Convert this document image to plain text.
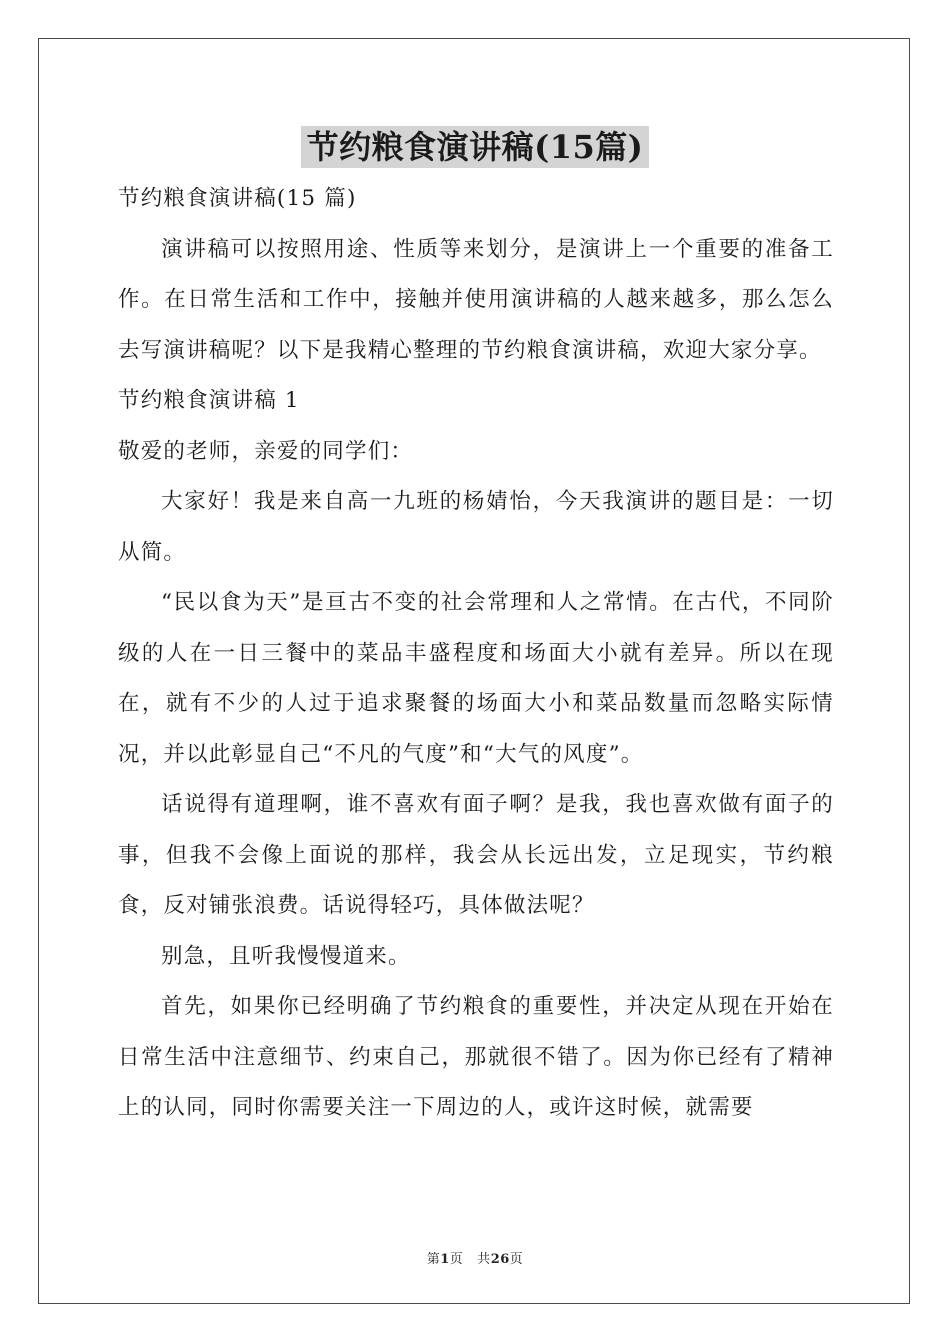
节约粮食演讲稿(15篇)

节约粮食演讲稿(15 篇)

演讲稿可以按照用途、性质等来划分，是演讲上一个重要的准备工作。在日常生活和工作中，接触并使用演讲稿的人越来越多，那么怎么去写演讲稿呢？以下是我精心整理的节约粮食演讲稿，欢迎大家分享。

节约粮食演讲稿 1

敬爱的老师，亲爱的同学们：

大家好！我是来自高一九班的杨婧怡，今天我演讲的题目是：一切从简。

“民以食为天”是亘古不变的社会常理和人之常情。在古代，不同阶级的人在一日三餐中的菜品丰盛程度和场面大小就有差异。所以在现在，就有不少的人过于追求聚餐的场面大小和菜品数量而忽略实际情况，并以此彰显自己“不凡的气度”和“大气的风度”。

话说得有道理啊，谁不喜欢有面子啊？是我，我也喜欢做有面子的事，但我不会像上面说的那样，我会从长远出发，立足现实，节约粮食，反对铺张浪费。话说得轻巧，具体做法呢？

别急，且听我慢慢道来。

首先，如果你已经明确了节约粮食的重要性，并决定从现在开始在日常生活中注意细节、约束自己，那就很不错了。因为你已经有了精神上的认同，同时你需要关注一下周边的人，或许这时候，就需要

第1页 共26页
